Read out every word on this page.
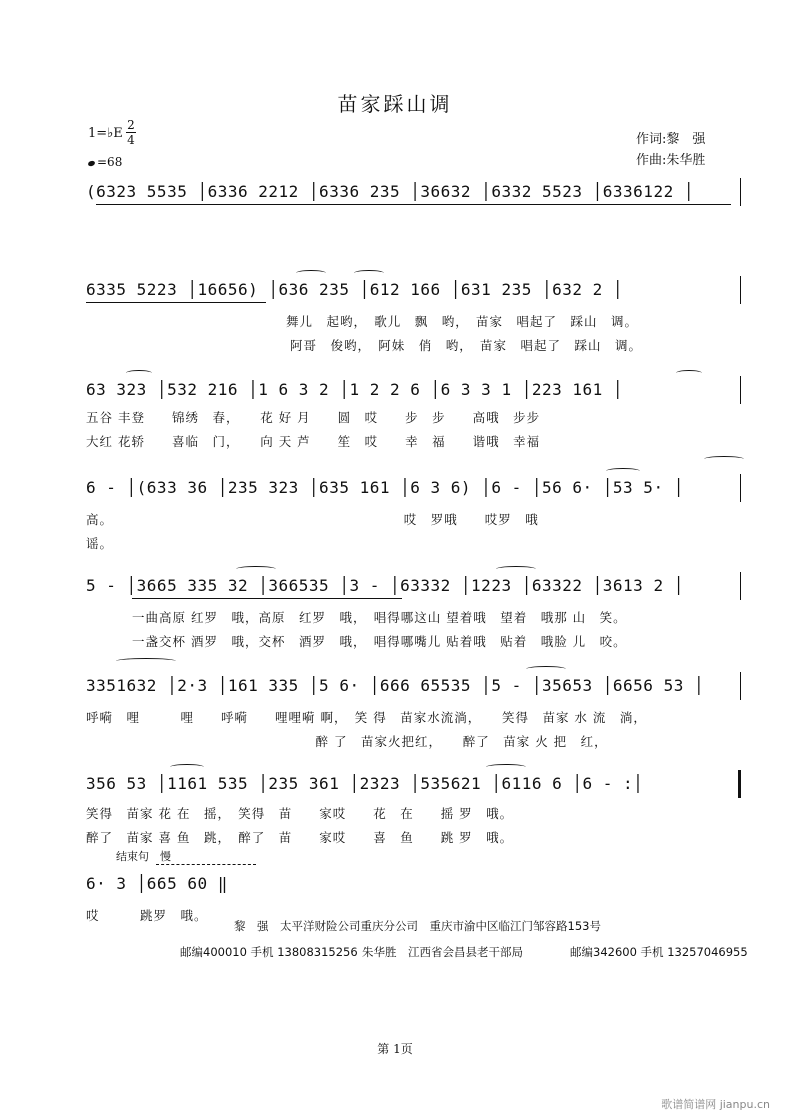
苗家踩山调
1=♭E
2
4
=68
作词:黎　强
作曲:朱华胜
(6323 5535 │6336 2212 │6336 235 │36632 │6332 5523 │6336122 │
6335 5223 │16656) │636 235 │612 166 │631 235 │632 2 │
舞儿　起哟，　歌儿　飘　哟，　苗家　唱起了　踩山　调。
阿哥　俊哟，　阿妹　俏　哟，　苗家　唱起了　踩山　调。
63 323 │532 216 │1 6 3 2 │1 2 2 6 │6 3 3 1 │223 161 │
五谷 丰登　　锦绣　春，　　花 好 月　　圆　哎　　步　步　　高哦　步步
大红 花轿　　喜临　门，　　向 天 芦　　笙　哎　　幸　福　　谐哦　幸福
6 - │(633 36 │235 323 │635 161 │6 3 6) │6 - │56 6· │53 5· │
高。　　　　　　　　　　　　　　　　　　　　　　哎　罗哦　　哎罗　哦
谣。
5 - │3665 335 32 │366535 │3 - │63332 │1223 │63322 │3613 2 │
一曲高原 红罗　哦，高原　红罗　哦，　唱得哪这山 望着哦　望着　哦那 山　笑。
一盏交杯 酒罗　哦，交杯　酒罗　哦，　唱得哪嘴儿 贴着哦　贴着　哦脸 儿　咬。
3351632 │2·3 │161 335 │5 6· │666 65535 │5 - │35653 │6656 53 │
呼嗬　哩　　　哩　　呼嗬　　哩哩嗬 啊，　笑 得　苗家水流淌，　　笑得　苗家 水 流　淌，
　　　　　　　　　　　　　　　　　醉 了　苗家火把红，　　醉了　苗家 火 把　红，
356 53 │1161 535 │235 361 │2323 │535621 │6116 6 │6 - :│
笑得　苗家 花 在　摇，　笑得　苗　　家哎　　花　在　　摇 罗　哦。
醉了　苗家 喜 鱼　跳，　醉了　苗　　家哎　　喜　鱼　　跳 罗　哦。
结束句　慢
6· 3 │665 60 ‖
哎　　　跳罗　哦。
黎　强　太平洋财险公司重庆分公司　重庆市渝中区临江门邹容路153号
邮编400010 手机 13808315256 朱华胜　江西省会昌县老干部局	邮编342600 手机 13257046955
第 1页
歌谱简谱网 jianpu.cn
